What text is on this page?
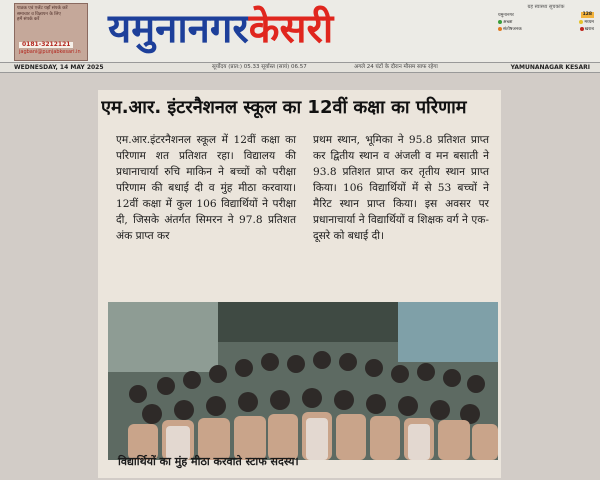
पाठक एवं एजेंट यहाँ संपर्क करें
समाचार व विज्ञापन के लिए
हमें संपर्क करें
0181-3212121
jagbani@punjabkesari.in
यमुनानगरकेसरी	ग्रह स्वास्थ्य सूचकांक
यमुनानगर	128
अच्छा	मध्यम
संतोषजनक	खराब
WEDNESDAY, 14 MAY 2025	सूर्योदय (प्रात:) 05.33 सूर्यास्त (सायं) 06.57	अगले 24 घंटों के दौरान मौसम साफ रहेगा	YAMUNANAGAR KESARI
एम.आर. इंटरनैशनल स्कूल का 12वीं कक्षा का परिणाम
एम.आर.इंटरनैशनल स्कूल में 12वीं कक्षा का परिणाम शत प्रतिशत रहा। विद्यालय की प्रधानाचार्या रुचि माकिन ने बच्चों को परीक्षा परिणाम की बधाई दी व मुंह मीठा करवाया। 12वीं कक्षा में कुल 106 विद्यार्थियों ने परीक्षा दी, जिसके अंतर्गत सिमरन ने 97.8 प्रतिशत अंक प्राप्त कर
प्रथम स्थान, भूमिका ने 95.8 प्रतिशत प्राप्त कर द्वितीय स्थान व अंजली व मन बसाती ने 93.8 प्रतिशत प्राप्त कर तृतीय स्थान प्राप्त किया। 106 विद्यार्थियों में से 53 बच्चों ने मैरिट स्थान प्राप्त किया। इस अवसर पर प्रधानाचार्या ने विद्यार्थियों व शिक्षक वर्ग ने एक-दूसरे को बधाई दी।
विद्यार्थियों का मुंह मीठा करवाते स्टाफ सदस्य।
